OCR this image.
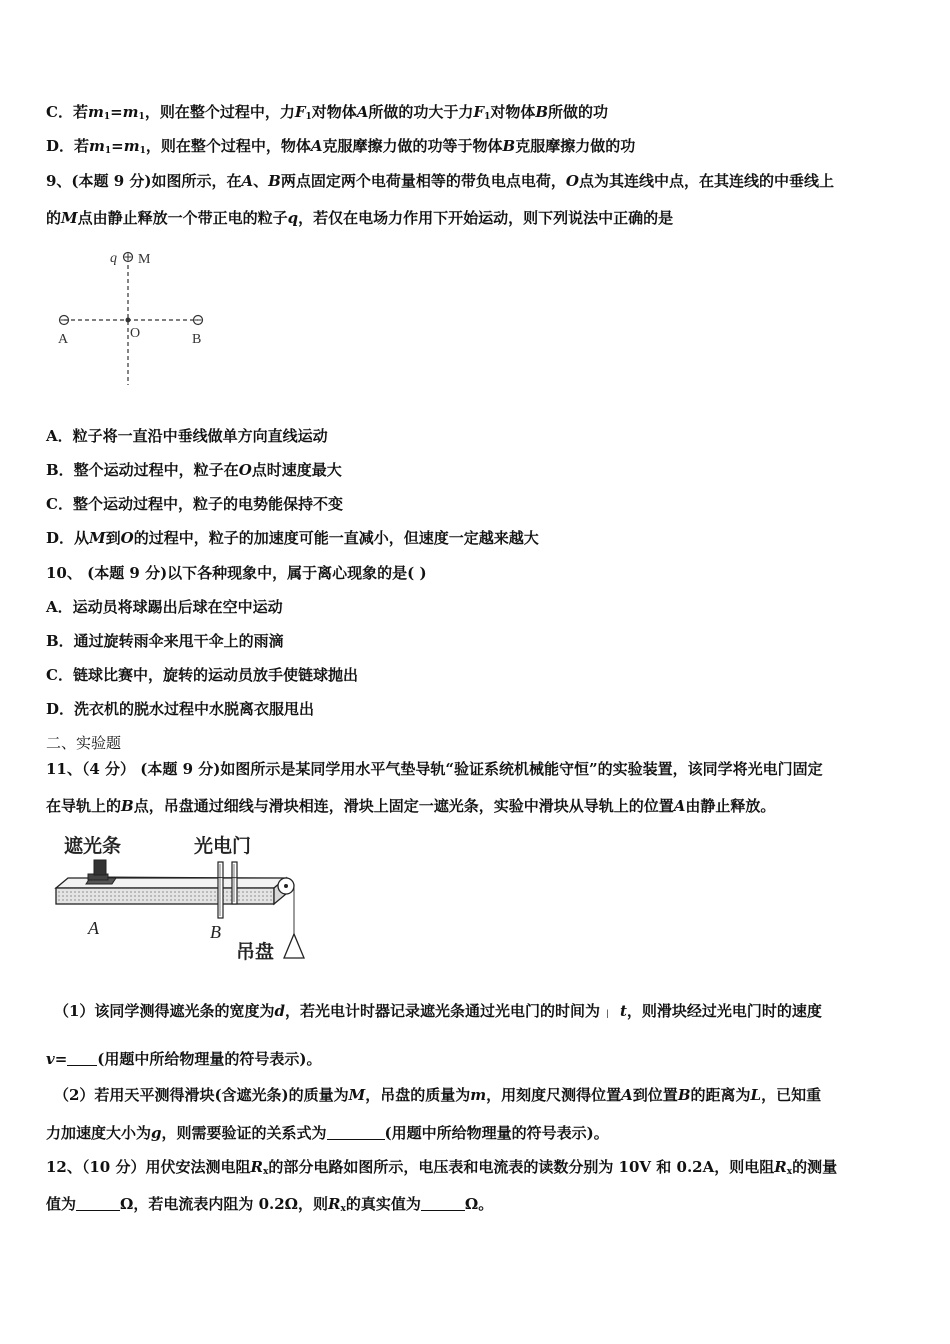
C．若$m_1=m_1$，则在整个过程中，力$F_1$对物体A所做的功大于力$F_1$对物体B所做的功
D．若$m_1=m_1$，则在整个过程中，物体A克服摩擦力做的功等于物体B克服摩擦力做的功
9、(本题 9 分)如图所示，在A、B两点固定两个电荷量相等的带负电点电荷，O点为其连线中点，在其连线的中垂线上
的M点由静止释放一个带正电的粒子q，若仅在电场力作用下开始运动，则下列说法中正确的是
q M
A	O	B
A．粒子将一直沿中垂线做单方向直线运动
B．整个运动过程中，粒子在O点时速度最大
C．整个运动过程中，粒子的电势能保持不变
D．从M到O的过程中，粒子的加速度可能一直减小，但速度一定越来越大
10、 (本题 9 分)以下各种现象中，属于离心现象的是( )
A．运动员将球踢出后球在空中运动
B．通过旋转雨伞来甩干伞上的雨滴
C．链球比赛中，旋转的运动员放手使链球抛出
D．洗衣机的脱水过程中水脱离衣服甩出
二、实验题
11、（4 分） (本题 9 分)如图所示是某同学用水平气垫导轨“验证系统机械能守恒”的实验装置，该同学将光电门固定
在导轨上的B点，吊盘通过细线与滑块相连，滑块上固定一遮光条，实验中滑块从导轨上的位置A由静止释放。
遮光条	光电门
A	B
吊盘
（1）该同学测得遮光条的宽度为d，若光电计时器记录遮光条通过光电门的时间为 | t，则滑块经过光电门时的速度
v= (用题中所给物理量的符号表示)。
（2）若用天平测得滑块(含遮光条)的质量为M，吊盘的质量为m，用刻度尺测得位置A到位置B的距离为L，已知重
力加速度大小为g，则需要验证的关系式为	(用题中所给物理量的符号表示)。
12、（10 分）用伏安法测电阻$R_x$的部分电路如图所示，电压表和电流表的读数分别为 10V 和 0.2A，则电阻$R_x$的测量
值为	Ω，若电流表内阻为 0.2Ω，则$R_x$的真实值为	Ω。
